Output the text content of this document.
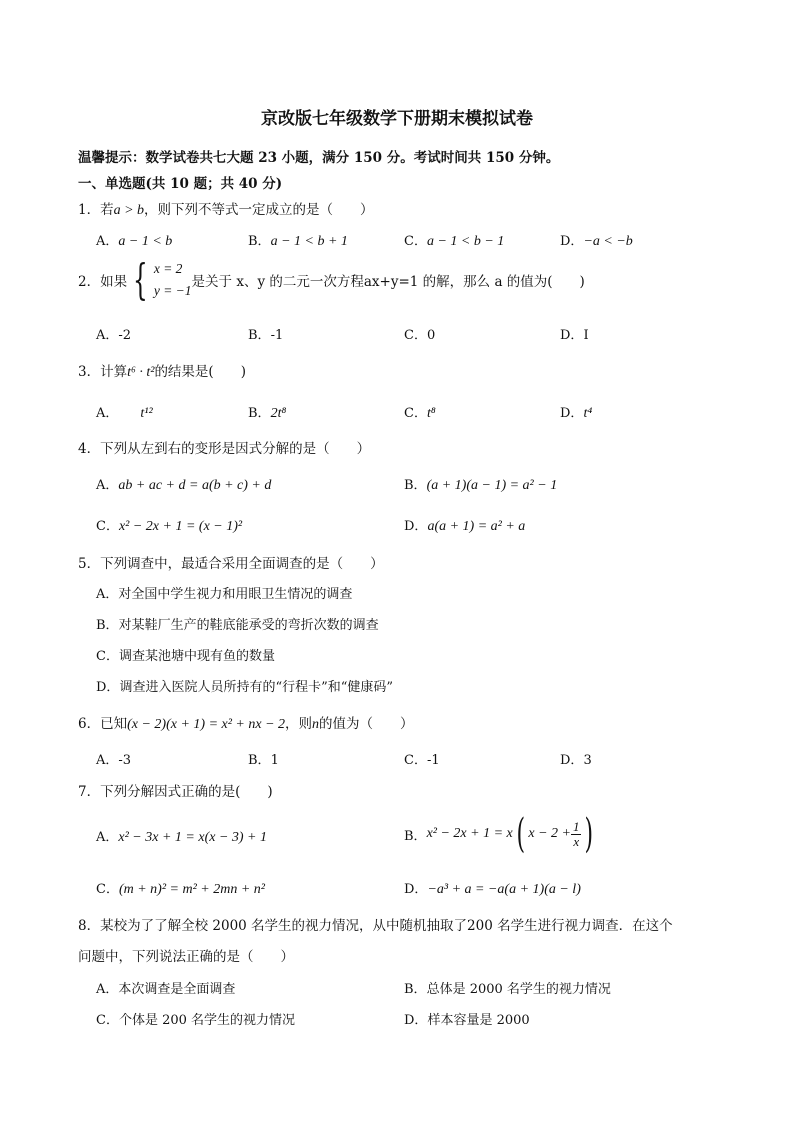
京改版七年级数学下册期末模拟试卷
温馨提示：数学试卷共七大题 23 小题，满分 150 分。考试时间共 150 分钟。
一、单选题(共 10 题；共 40 分)
1．若a > b，则下列不等式一定成立的是（　　）
A．a − 1 < b	B．a − 1 < b + 1	C．a − 1 < b − 1	D．−a < −b
2． 如果 { x = 2
y = −1
是关于 x、y 的二元一次方程ax+y=1 的解，那么 a 的值为(　　)
A．-2	B．-1	C．0	D．I
3．计算t⁶ · t²的结果是(　　)
A． t¹²	B．2t⁸	C．t⁸	D．t⁴
4．下列从左到右的变形是因式分解的是（　　）
A．ab + ac + d = a(b + c) + d	B．(a + 1)(a − 1) = a² − 1
C．x² − 2x + 1 = (x − 1)²	D．a(a + 1) = a² + a
5．下列调查中，最适合采用全面调查的是（　　）
A．对全国中学生视力和用眼卫生情况的调查
B．对某鞋厂生产的鞋底能承受的弯折次数的调查
C．调查某池塘中现有鱼的数量
D．调查进入医院人员所持有的“行程卡”和“健康码”
6．已知(x − 2)(x + 1) = x² + nx − 2，则n的值为（　　）
A．-3	B．1	C．-1	D．3
7．下列分解因式正确的是(　　)
A．x² − 3x + 1 = x(x − 3) + 1	B． x² − 2x + 1 = x ( $x - 2 + \frac{1}{x}$ )
C．(m + n)² = m² + 2mn + n²	D．−a³ + a = −a(a + 1)(a − l)
8．某校为了了解全校 2000 名学生的视力情况，从中随机抽取了200 名学生进行视力调查．在这个
问题中，下列说法正确的是（　　）
A．本次调查是全面调查	B．总体是 2000 名学生的视力情况
C．个体是 200 名学生的视力情况	D．样本容量是 2000
